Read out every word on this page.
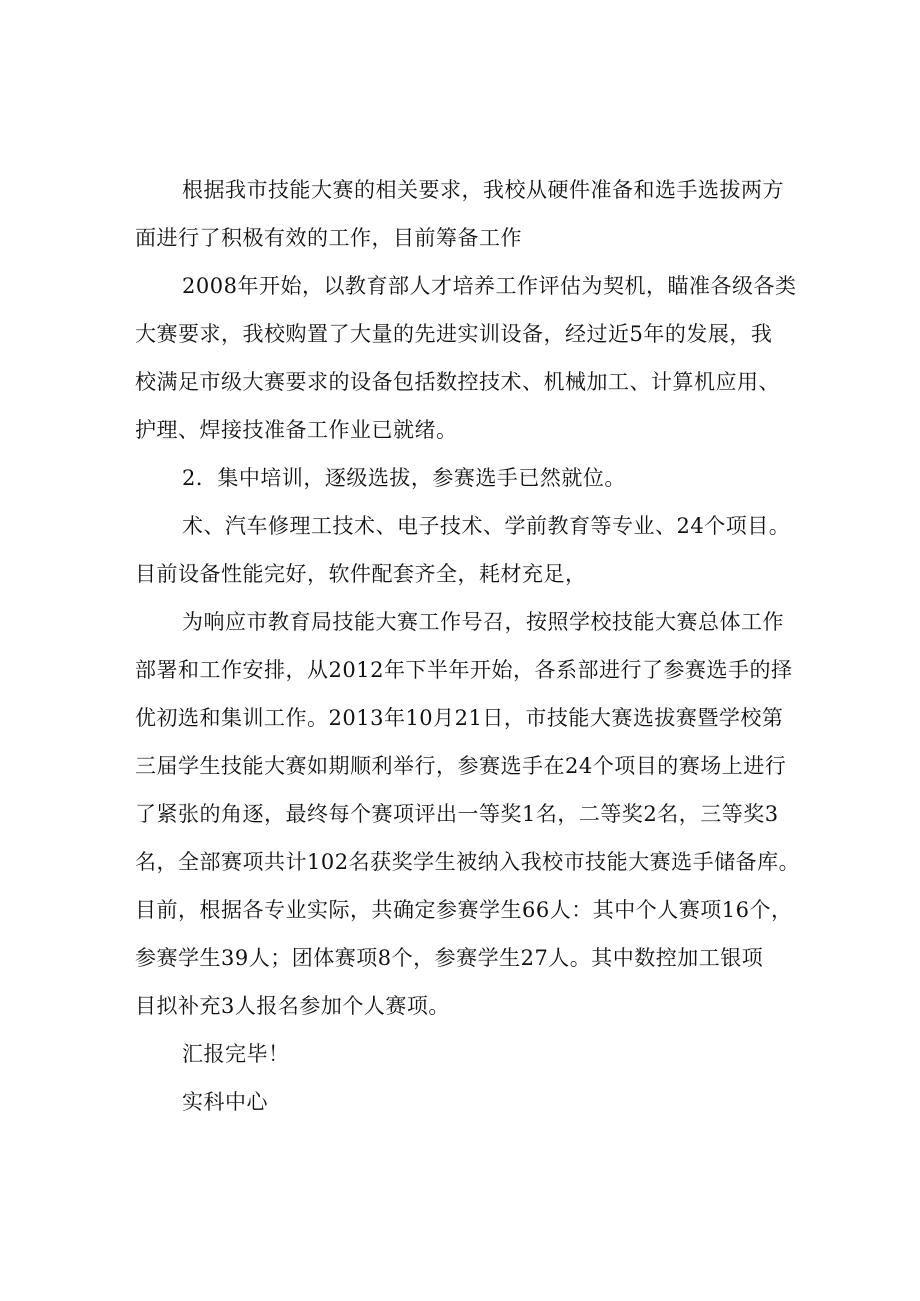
根据我市技能大赛的相关要求，我校从硬件准备和选手选拔两方
面进行了积极有效的工作，目前筹备工作
2008年开始，以教育部人才培养工作评估为契机，瞄准各级各类
大赛要求，我校购置了大量的先进实训设备，经过近5年的发展，我
校满足市级大赛要求的设备包括数控技术、机械加工、计算机应用、
护理、焊接技准备工作业已就绪。
2．集中培训，逐级选拔，参赛选手已然就位。
术、汽车修理工技术、电子技术、学前教育等专业、24个项目。
目前设备性能完好，软件配套齐全，耗材充足，
为响应市教育局技能大赛工作号召，按照学校技能大赛总体工作
部署和工作安排，从2012年下半年开始，各系部进行了参赛选手的择
优初选和集训工作。2013年10月21日，市技能大赛选拔赛暨学校第
三届学生技能大赛如期顺利举行，参赛选手在24个项目的赛场上进行
了紧张的角逐，最终每个赛项评出一等奖1名，二等奖2名，三等奖3
名，全部赛项共计102名获奖学生被纳入我校市技能大赛选手储备库。
目前，根据各专业实际，共确定参赛学生66人：其中个人赛项16个，
参赛学生39人；团体赛项8个，参赛学生27人。其中数控加工银项
目拟补充3人报名参加个人赛项。
汇报完毕！
实科中心
